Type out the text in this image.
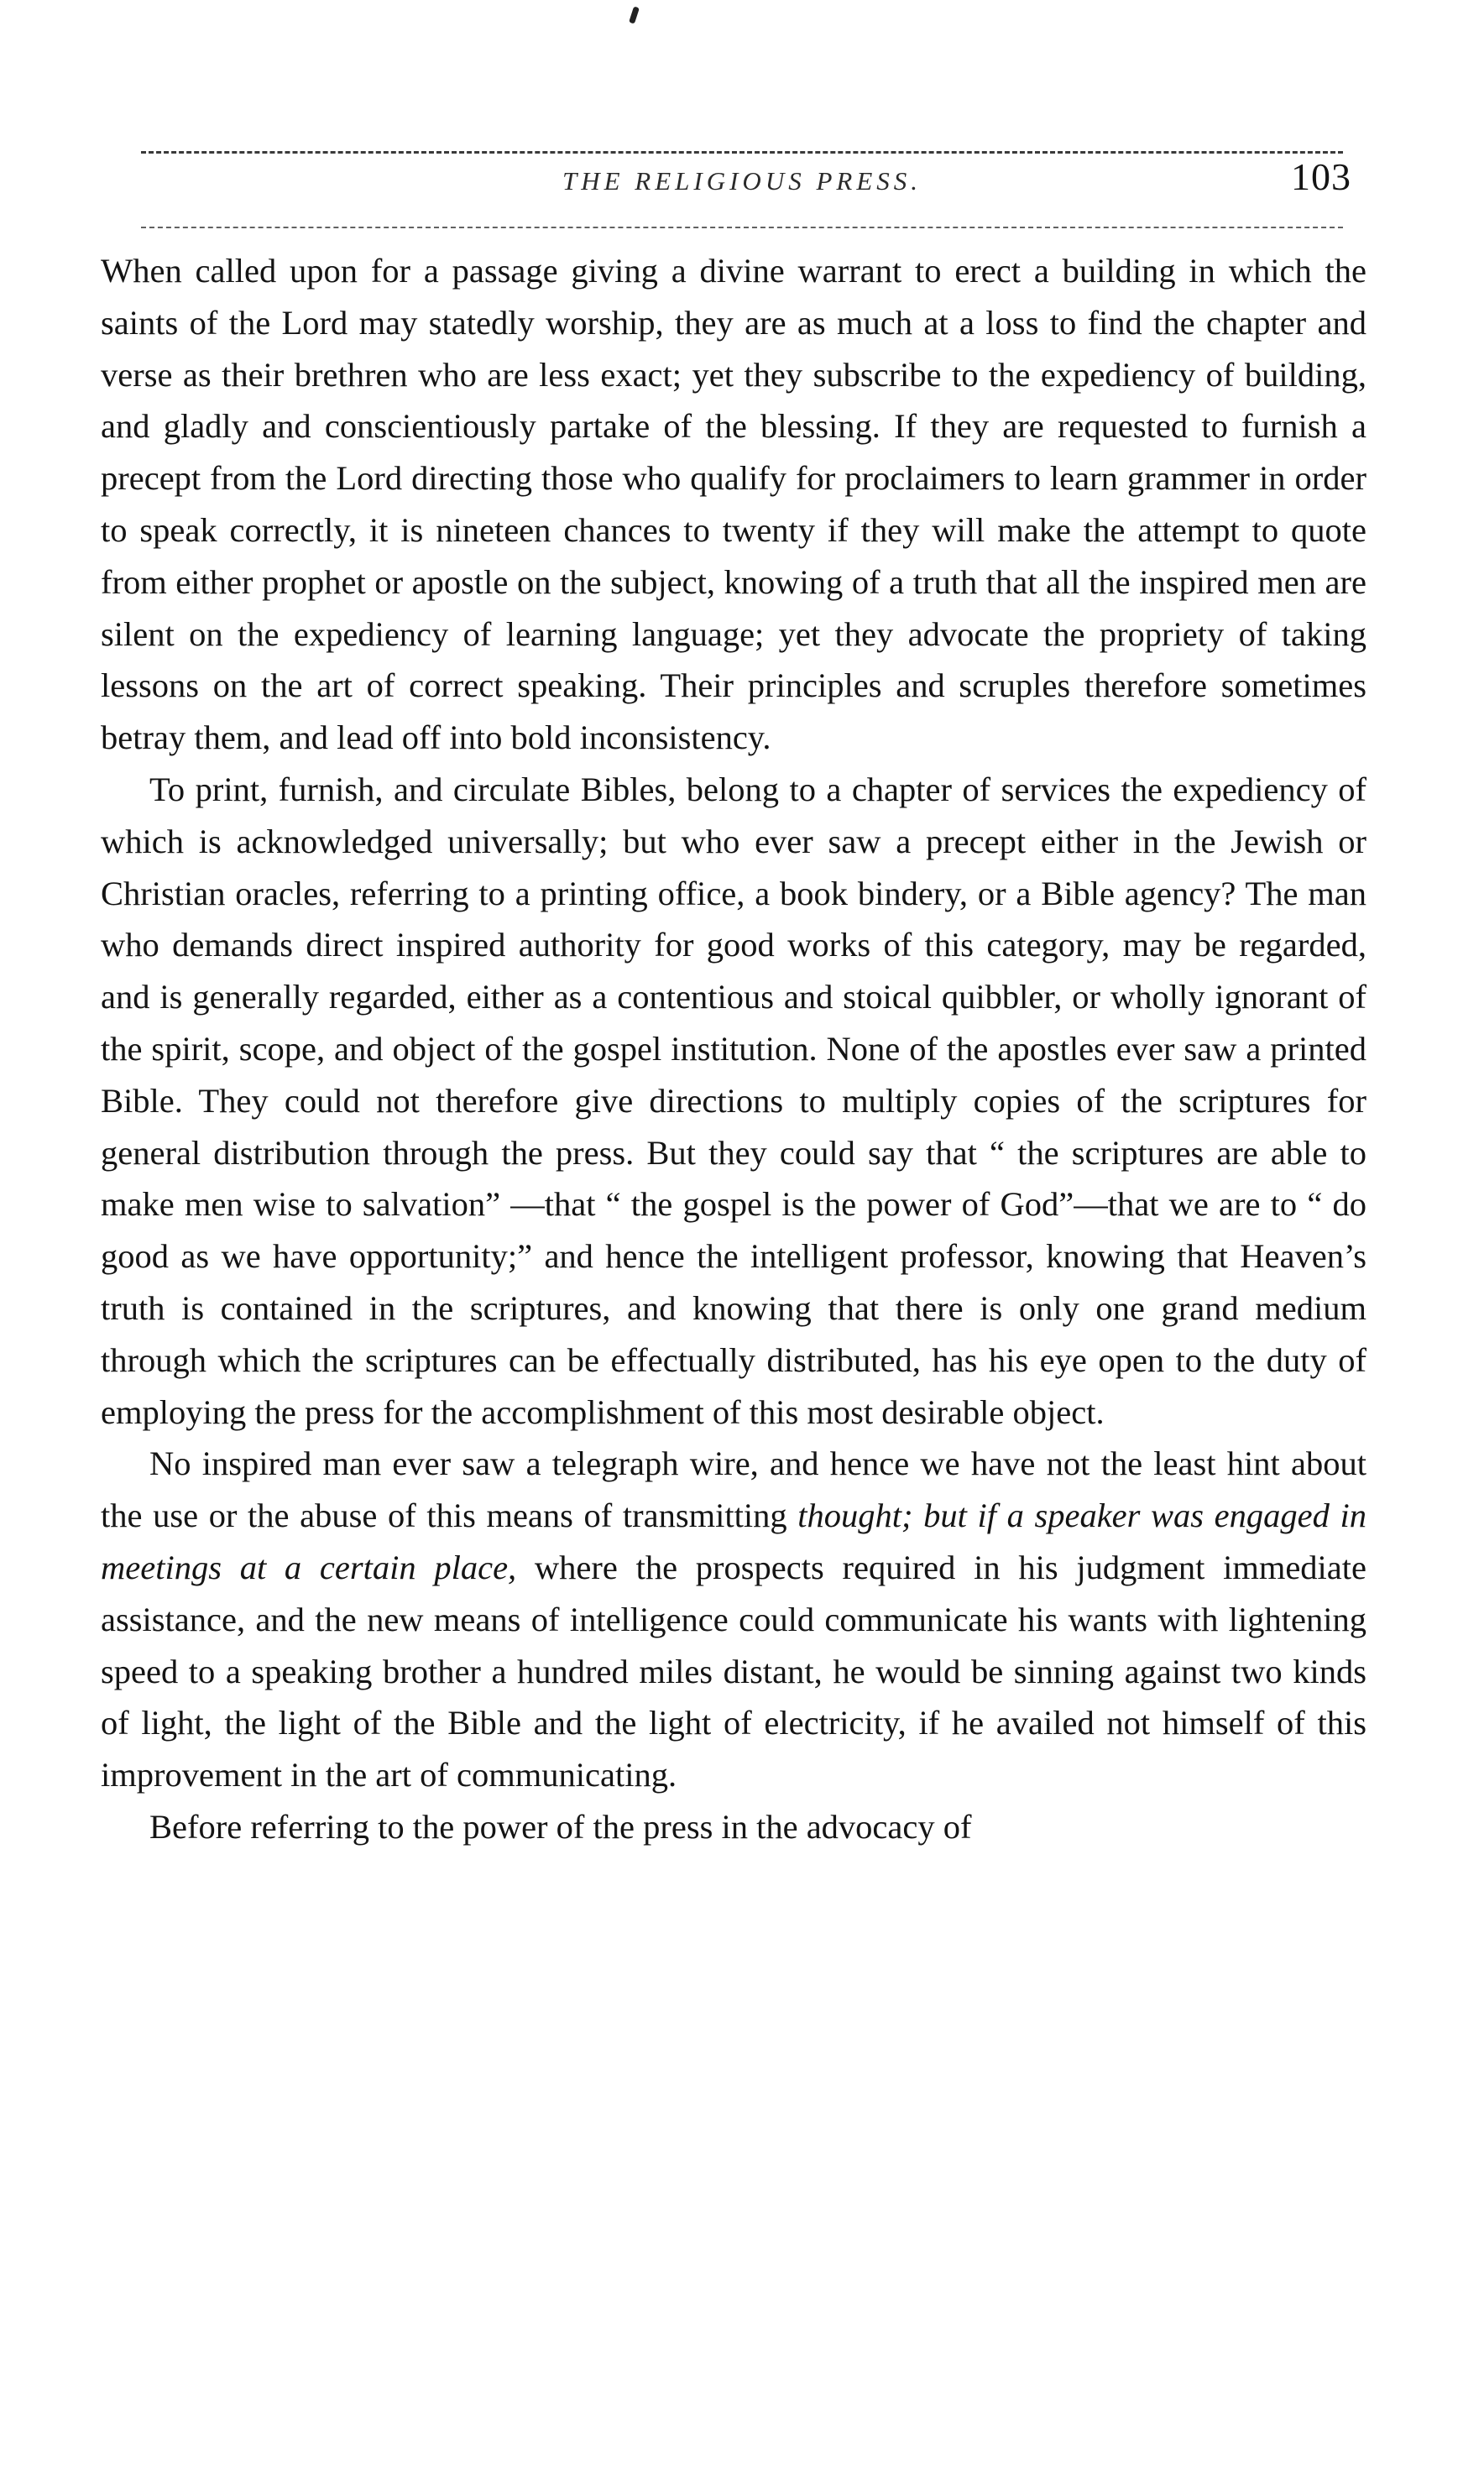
THE RELIGIOUS PRESS.	103

When called upon for a passage giving a divine warrant to erect a building in which the saints of the Lord may statedly worship, they are as much at a loss to find the chapter and verse as their brethren who are less exact; yet they subscribe to the expediency of building, and gladly and conscientiously partake of the blessing. If they are requested to furnish a precept from the Lord directing those who qualify for proclaimers to learn grammer in order to speak correctly, it is nineteen chances to twenty if they will make the attempt to quote from either prophet or apostle on the subject, knowing of a truth that all the inspired men are silent on the expediency of learning language; yet they advocate the propriety of taking lessons on the art of correct speaking. Their principles and scruples therefore sometimes betray them, and lead off into bold inconsistency.

To print, furnish, and circulate Bibles, belong to a chapter of services the expediency of which is acknowledged universally; but who ever saw a precept either in the Jewish or Christian oracles, referring to a printing office, a book bindery, or a Bible agency? The man who demands direct inspired authority for good works of this category, may be regarded, and is generally regarded, either as a contentious and stoical quibbler, or wholly ignorant of the spirit, scope, and object of the gospel institution. None of the apostles ever saw a printed Bible. They could not therefore give directions to multiply copies of the scriptures for general distribution through the press. But they could say that “ the scriptures are able to make men wise to salvation” —that “ the gospel is the power of God”—that we are to “ do good as we have opportunity;” and hence the intelligent professor, knowing that Heaven’s truth is contained in the scriptures, and knowing that there is only one grand medium through which the scriptures can be effectually distributed, has his eye open to the duty of employing the press for the accomplishment of this most desirable object.

No inspired man ever saw a telegraph wire, and hence we have not the least hint about the use or the abuse of this means of transmitting thought; but if a speaker was engaged in meetings at a certain place, where the prospects required in his judgment immediate assistance, and the new means of intelligence could communicate his wants with lightening speed to a speaking brother a hundred miles distant, he would be sinning against two kinds of light, the light of the Bible and the light of electricity, if he availed not himself of this improvement in the art of communicating.

Before referring to the power of the press in the advocacy of
